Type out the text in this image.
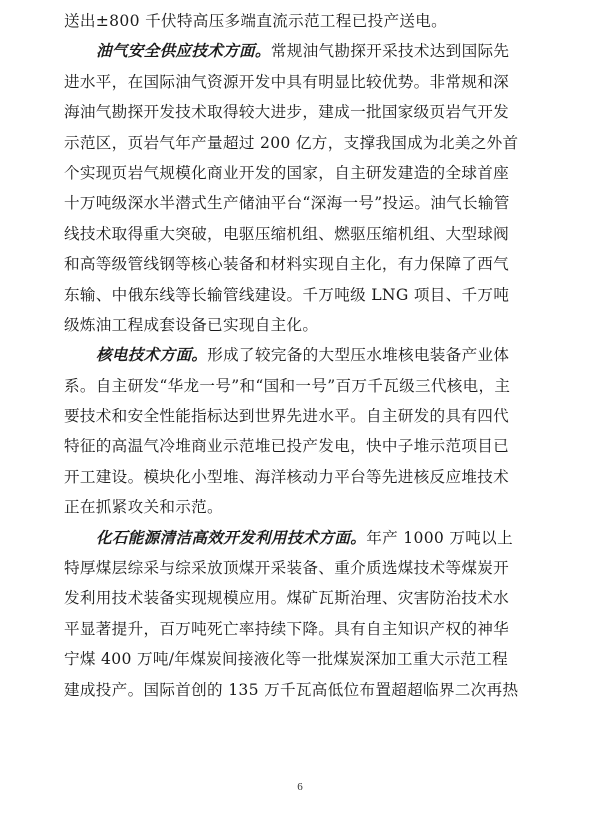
送出±800 千伏特高压多端直流示范工程已投产送电。
油气安全供应技术方面。常规油气勘探开采技术达到国际先
进水平，在国际油气资源开发中具有明显比较优势。非常规和深
海油气勘探开发技术取得较大进步，建成一批国家级页岩气开发
示范区，页岩气年产量超过 200 亿方，支撑我国成为北美之外首
个实现页岩气规模化商业开发的国家，自主研发建造的全球首座
十万吨级深水半潜式生产储油平台“深海一号”投运。油气长输管
线技术取得重大突破，电驱压缩机组、燃驱压缩机组、大型球阀
和高等级管线钢等核心装备和材料实现自主化，有力保障了西气
东输、中俄东线等长输管线建设。千万吨级 LNG 项目、千万吨
级炼油工程成套设备已实现自主化。
核电技术方面。形成了较完备的大型压水堆核电装备产业体
系。自主研发“华龙一号”和“国和一号”百万千瓦级三代核电，主
要技术和安全性能指标达到世界先进水平。自主研发的具有四代
特征的高温气冷堆商业示范堆已投产发电，快中子堆示范项目已
开工建设。模块化小型堆、海洋核动力平台等先进核反应堆技术
正在抓紧攻关和示范。
化石能源清洁高效开发利用技术方面。年产 1000 万吨以上
特厚煤层综采与综采放顶煤开采装备、重介质选煤技术等煤炭开
发利用技术装备实现规模应用。煤矿瓦斯治理、灾害防治技术水
平显著提升，百万吨死亡率持续下降。具有自主知识产权的神华
宁煤 400 万吨/年煤炭间接液化等一批煤炭深加工重大示范工程
建成投产。国际首创的 135 万千瓦高低位布置超超临界二次再热
6
